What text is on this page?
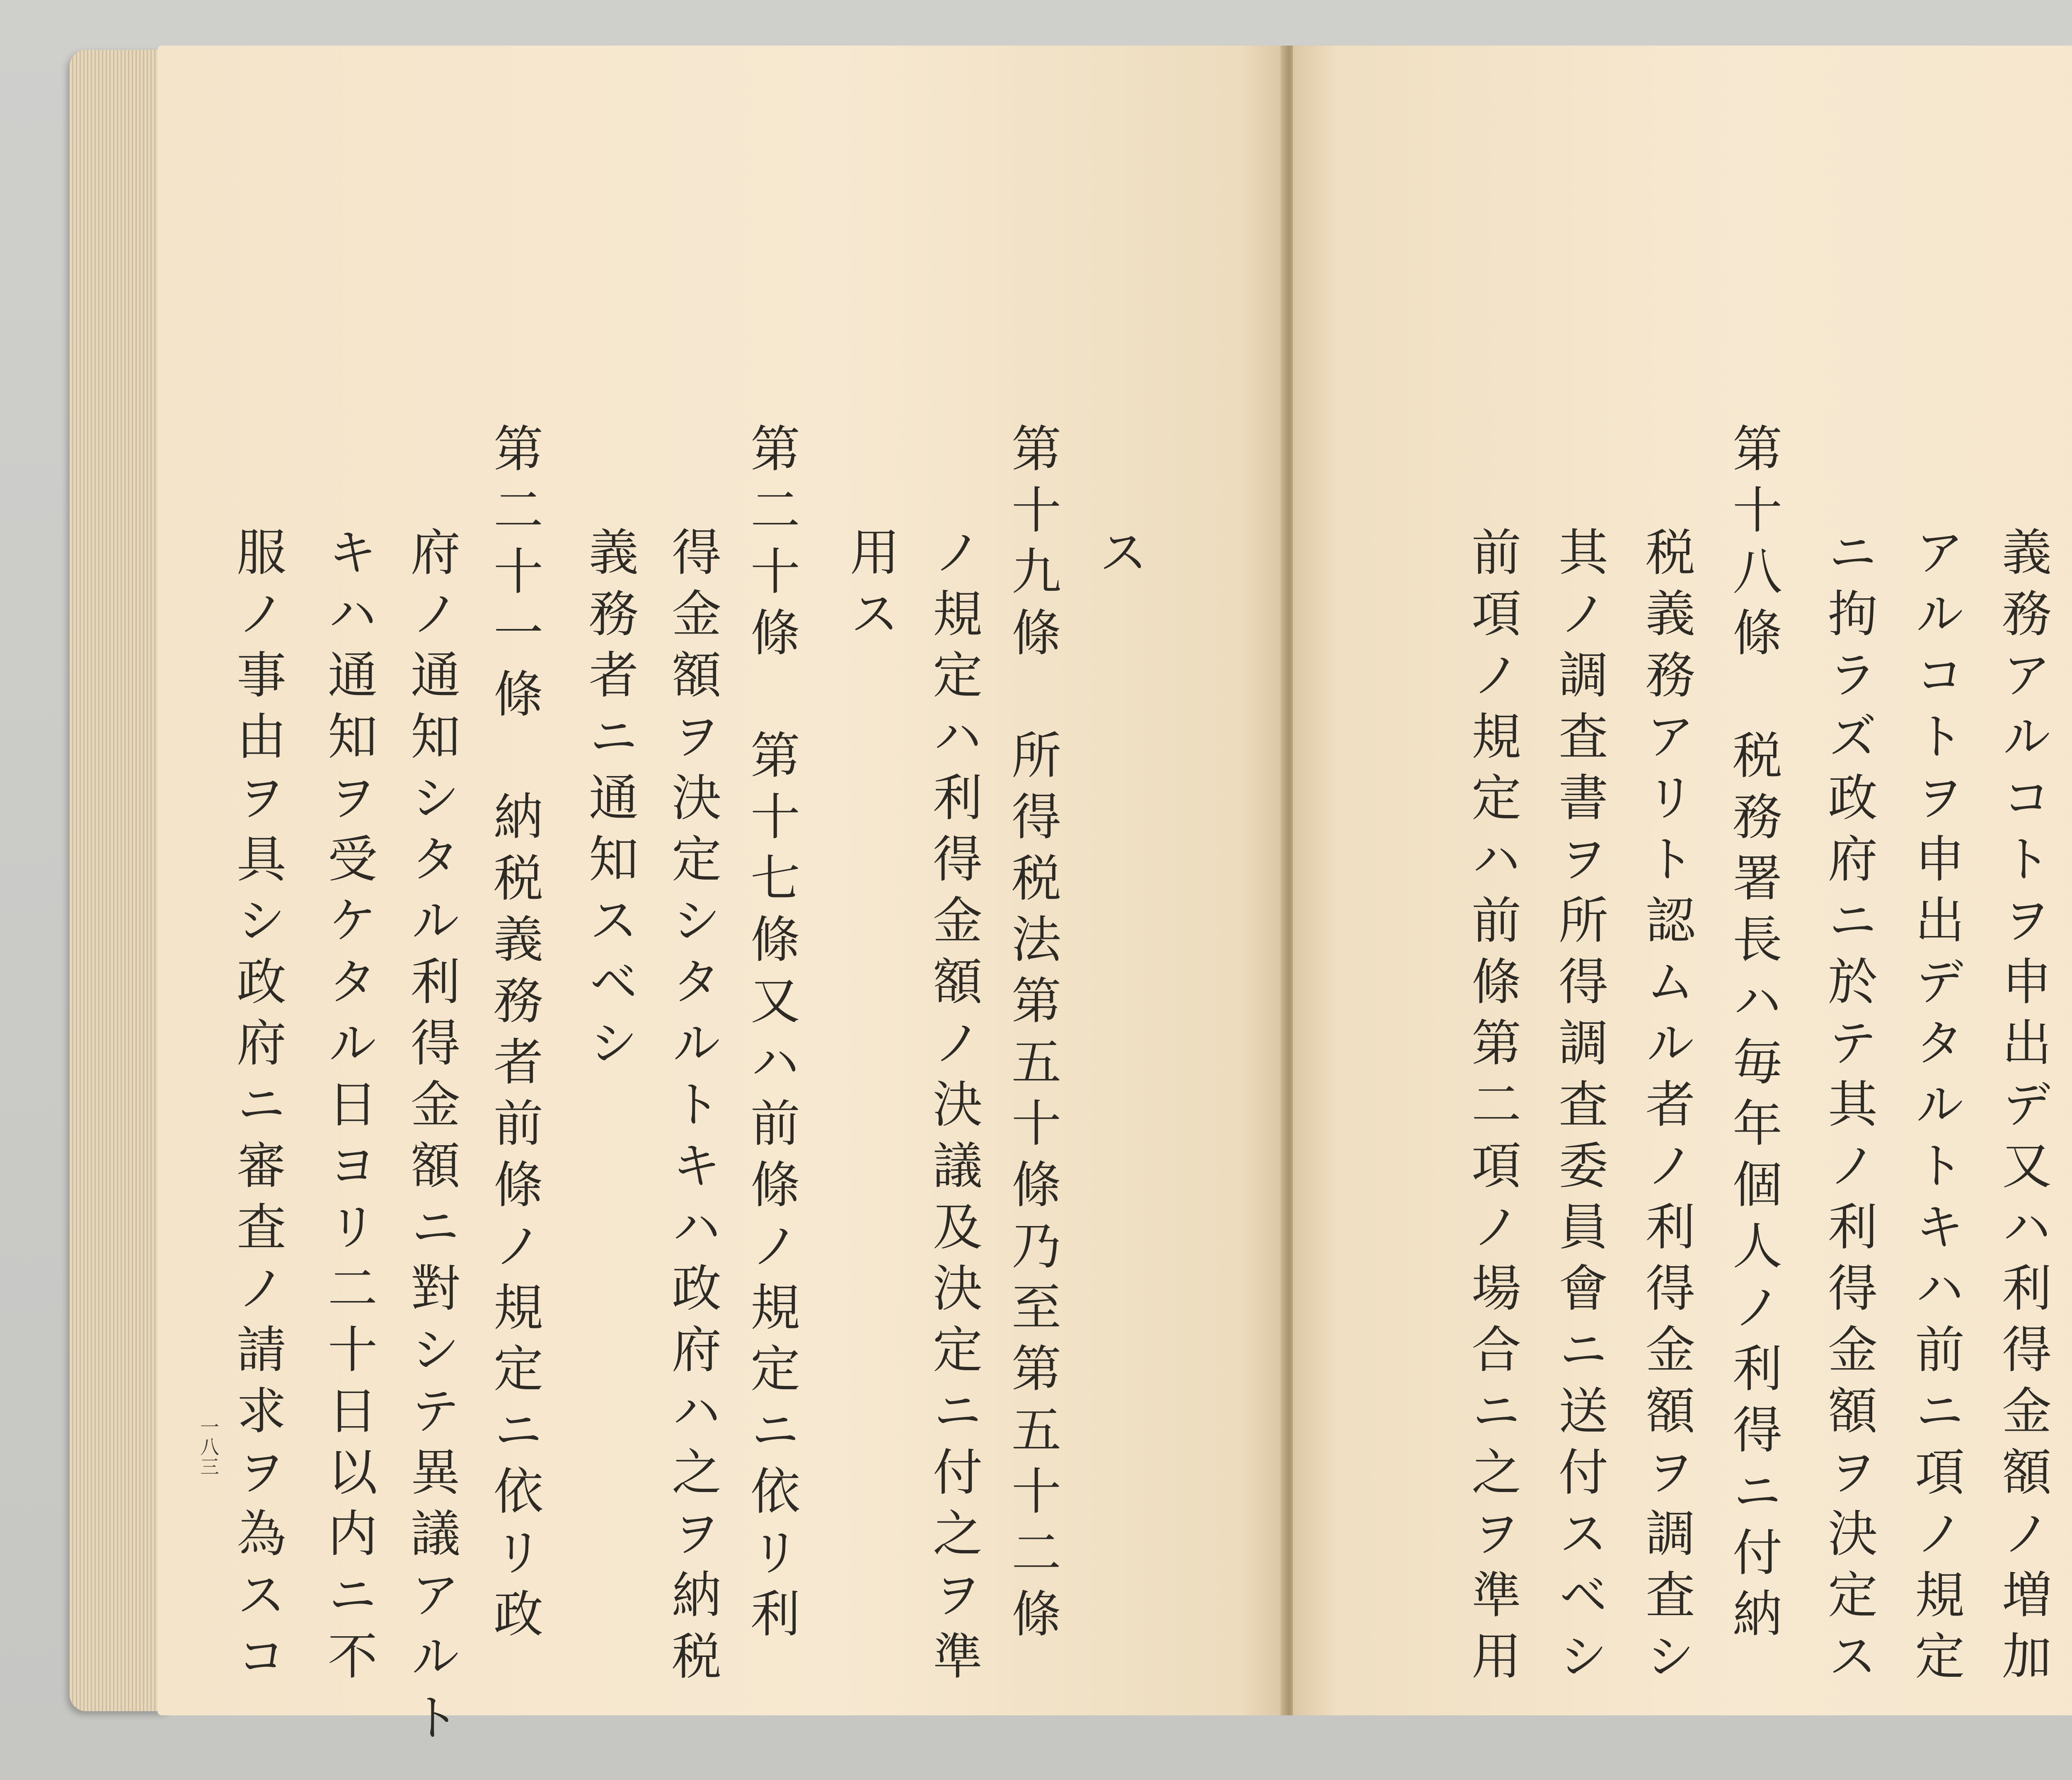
ス
第十九條　所得税法第五十條乃至第五十二條
ノ規定ハ利得金額ノ決議及決定ニ付之ヲ準
用ス
第二十條　第十七條又ハ前條ノ規定ニ依リ利
得金額ヲ決定シタルトキハ政府ハ之ヲ納税
義務者ニ通知スベシ
第二十一條　納税義務者前條ノ規定ニ依リ政
府ノ通知シタル利得金額ニ對シテ異議アルト
キハ通知ヲ受ケタル日ヨリ二十日以内ニ不
服ノ事由ヲ具シ政府ニ審査ノ請求ヲ為スコ
一八三	義務アルコトヲ申出デ又ハ利得金額ノ増加
アルコトヲ申出デタルトキハ前ニ項ノ規定
ニ拘ラズ政府ニ於テ其ノ利得金額ヲ決定ス
第十八條　税務署長ハ毎年個人ノ利得ニ付納
税義務アリト認ムル者ノ利得金額ヲ調査シ
其ノ調査書ヲ所得調査委員會ニ送付スベシ
前項ノ規定ハ前條第二項ノ場合ニ之ヲ準用
